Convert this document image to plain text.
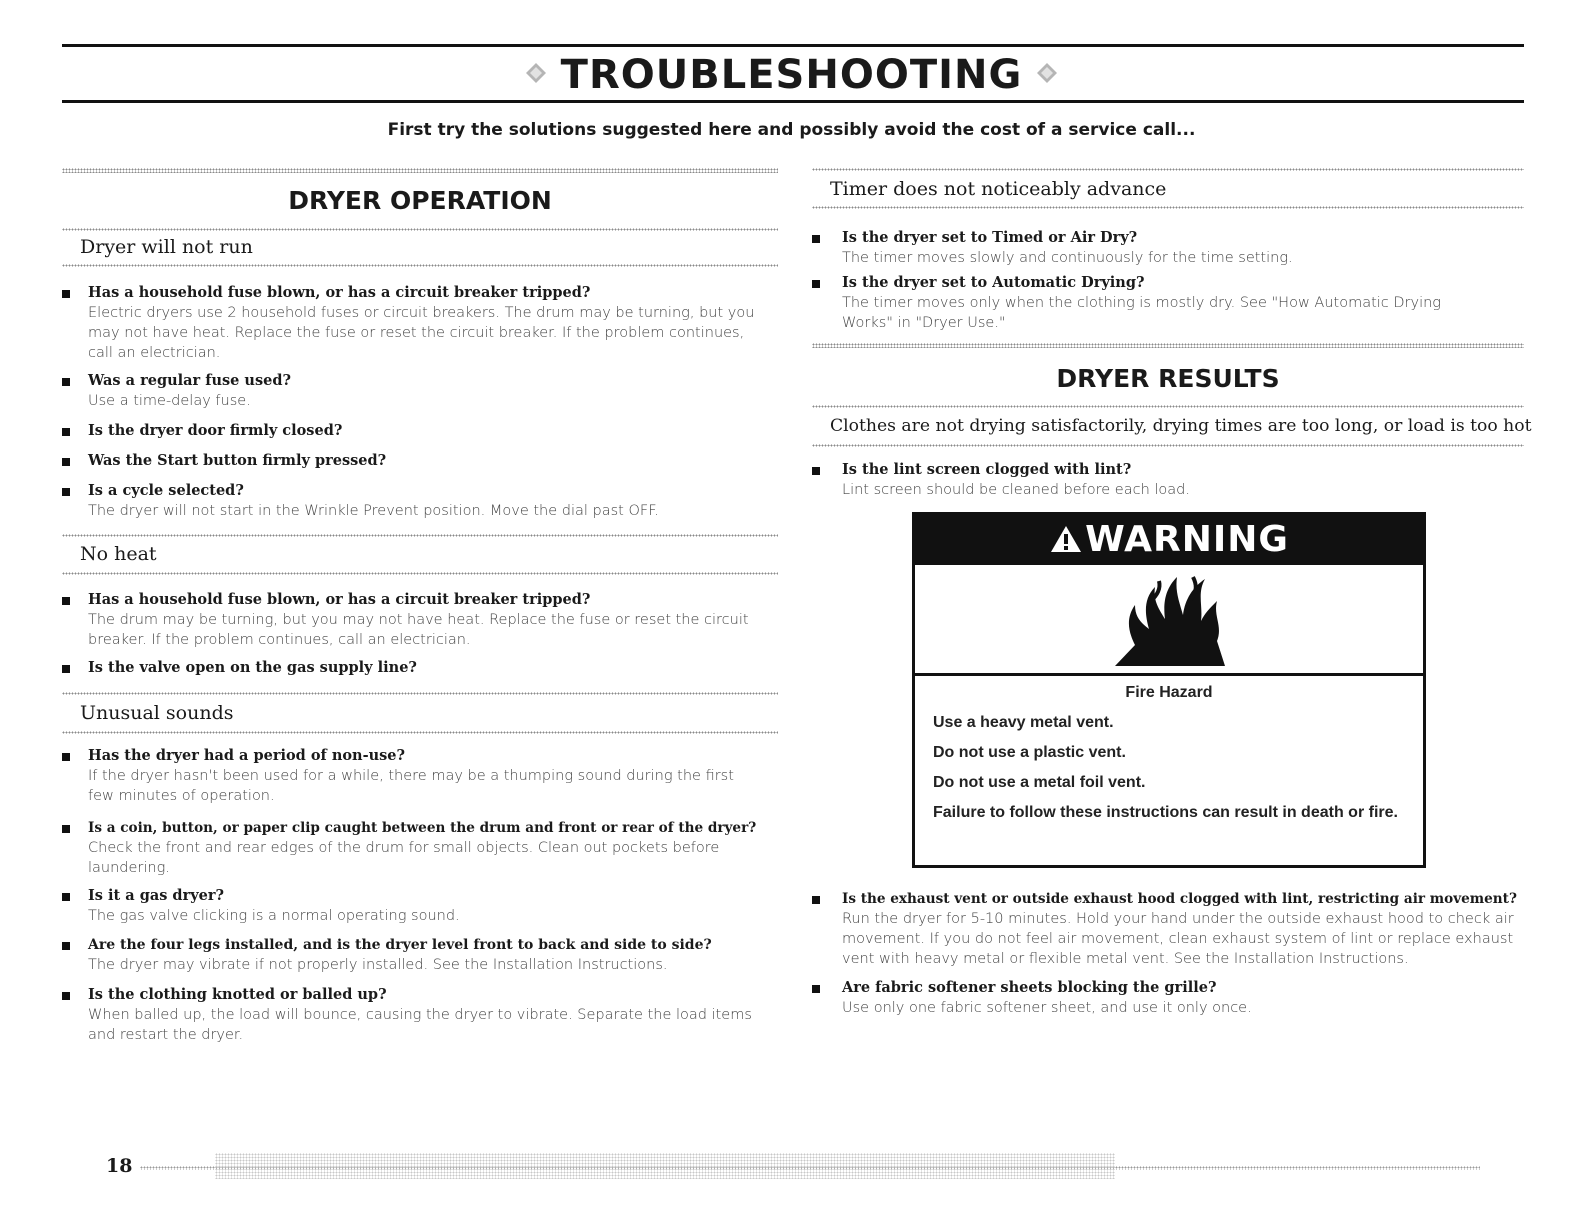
TROUBLESHOOTING
First try the solutions suggested here and possibly avoid the cost of a service call...
DRYER OPERATION
Dryer will not run
Has a household fuse blown, or has a circuit breaker tripped?
Electric dryers use 2 household fuses or circuit breakers. The drum may be turning, but you may not have heat. Replace the fuse or reset the circuit breaker. If the problem continues, call an electrician.
Was a regular fuse used?
Use a time-delay fuse.
Is the dryer door firmly closed?
Was the Start button firmly pressed?
Is a cycle selected?
The dryer will not start in the Wrinkle Prevent position. Move the dial past OFF.
No heat
Has a household fuse blown, or has a circuit breaker tripped?
The drum may be turning, but you may not have heat. Replace the fuse or reset the circuit breaker. If the problem continues, call an electrician.
Is the valve open on the gas supply line?
Unusual sounds
Has the dryer had a period of non-use?
If the dryer hasn't been used for a while, there may be a thumping sound during the first few minutes of operation.
Is a coin, button, or paper clip caught between the drum and front or rear of the dryer?
Check the front and rear edges of the drum for small objects. Clean out pockets before laundering.
Is it a gas dryer?
The gas valve clicking is a normal operating sound.
Are the four legs installed, and is the dryer level front to back and side to side?
The dryer may vibrate if not properly installed. See the Installation Instructions.
Is the clothing knotted or balled up?
When balled up, the load will bounce, causing the dryer to vibrate. Separate the load items and restart the dryer.
Timer does not noticeably advance
Is the dryer set to Timed or Air Dry?
The timer moves slowly and continuously for the time setting.
Is the dryer set to Automatic Drying?
The timer moves only when the clothing is mostly dry. See "How Automatic Drying Works" in "Dryer Use."
DRYER RESULTS
Clothes are not drying satisfactorily, drying times are too long, or load is too hot
Is the lint screen clogged with lint?
Lint screen should be cleaned before each load.
WARNING
Fire Hazard
Use a heavy metal vent.
Do not use a plastic vent.
Do not use a metal foil vent.
Failure to follow these instructions can result in death or fire.
Is the exhaust vent or outside exhaust hood clogged with lint, restricting air movement?
Run the dryer for 5-10 minutes. Hold your hand under the outside exhaust hood to check air movement. If you do not feel air movement, clean exhaust system of lint or replace exhaust vent with heavy metal or flexible metal vent. See the Installation Instructions.
Are fabric softener sheets blocking the grille?
Use only one fabric softener sheet, and use it only once.
18
